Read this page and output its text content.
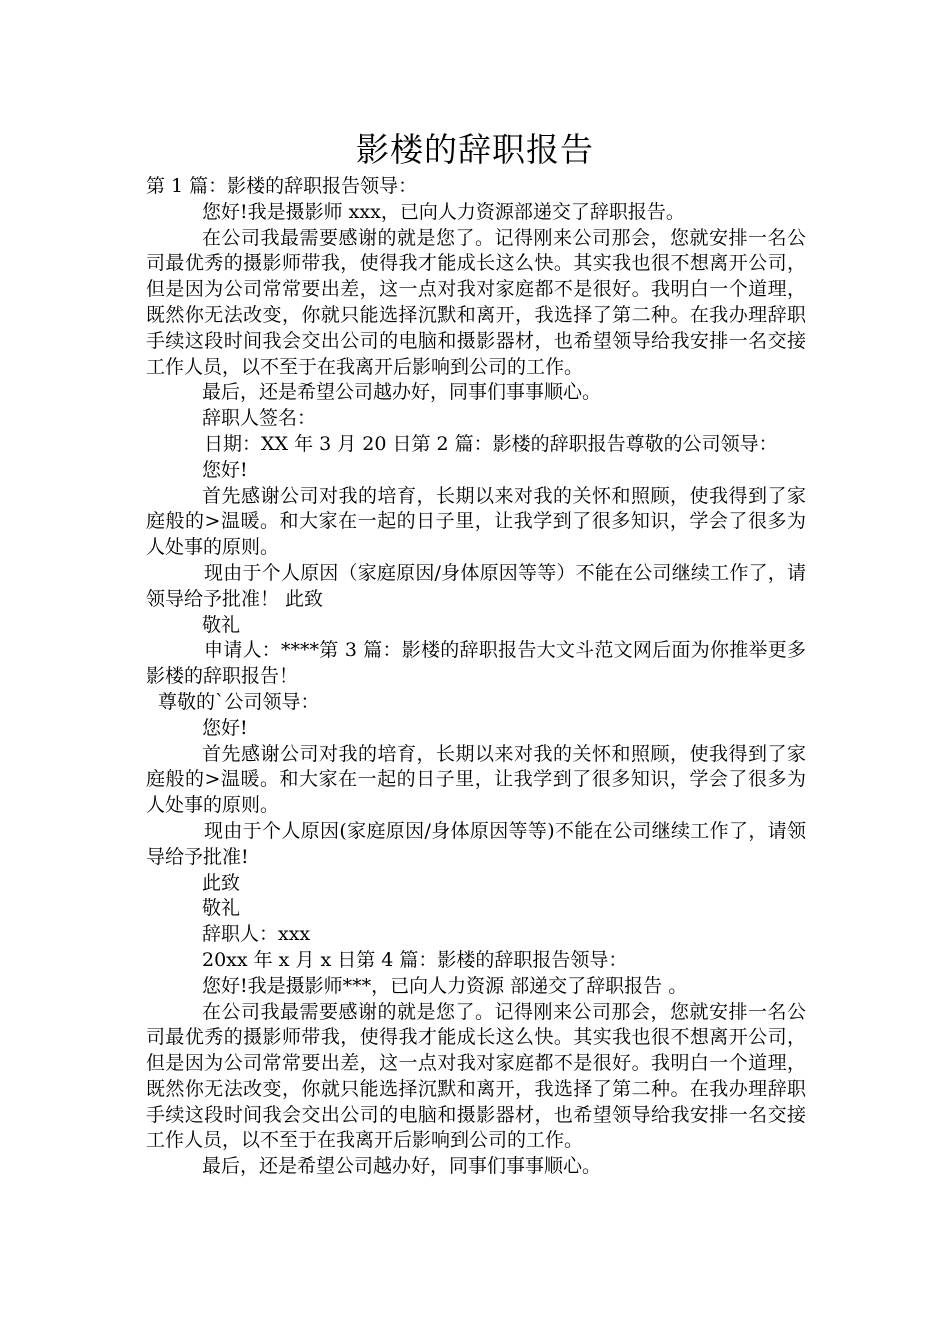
影楼的辞职报告

第 1 篇：影楼的辞职报告领导：

您好!我是摄影师 xxx，已向人力资源部递交了辞职报告。

在公司我最需要感谢的就是您了。记得刚来公司那会，您就安排一名公司最优秀的摄影师带我，使得我才能成长这么快。其实我也很不想离开公司，但是因为公司常常要出差，这一点对我对家庭都不是很好。我明白一个道理，既然你无法改变，你就只能选择沉默和离开，我选择了第二种。在我办理辞职手续这段时间我会交出公司的电脑和摄影器材，也希望领导给我安排一名交接工作人员，以不至于在我离开后影响到公司的工作。

最后，还是希望公司越办好，同事们事事顺心。

辞职人签名：

日期：XX 年 3 月 20 日第 2 篇：影楼的辞职报告尊敬的公司领导：

您好!

首先感谢公司对我的培育，长期以来对我的关怀和照顾，使我得到了家庭般的>温暖。和大家在一起的日子里，让我学到了很多知识，学会了很多为人处事的原则。

现由于个人原因（家庭原因/身体原因等等）不能在公司继续工作了，请领导给予批准！ 此致

敬礼

申请人：****第 3 篇：影楼的辞职报告大文斗范文网后面为你推举更多影楼的辞职报告！

尊敬的`公司领导：

您好!

首先感谢公司对我的培育，长期以来对我的关怀和照顾，使我得到了家庭般的>温暖。和大家在一起的日子里，让我学到了很多知识，学会了很多为人处事的原则。

现由于个人原因(家庭原因/身体原因等等)不能在公司继续工作了，请领导给予批准!

此致

敬礼

辞职人：xxx

20xx 年 x 月 x 日第 4 篇：影楼的辞职报告领导：

您好!我是摄影师***，已向人力资源 部递交了辞职报告 。

在公司我最需要感谢的就是您了。记得刚来公司那会，您就安排一名公司最优秀的摄影师带我，使得我才能成长这么快。其实我也很不想离开公司，但是因为公司常常要出差，这一点对我对家庭都不是很好。我明白一个道理，既然你无法改变，你就只能选择沉默和离开，我选择了第二种。在我办理辞职 手续这段时间我会交出公司的电脑和摄影器材，也希望领导给我安排一名交接工作人员，以不至于在我离开后影响到公司的工作。

最后，还是希望公司越办好，同事们事事顺心。
